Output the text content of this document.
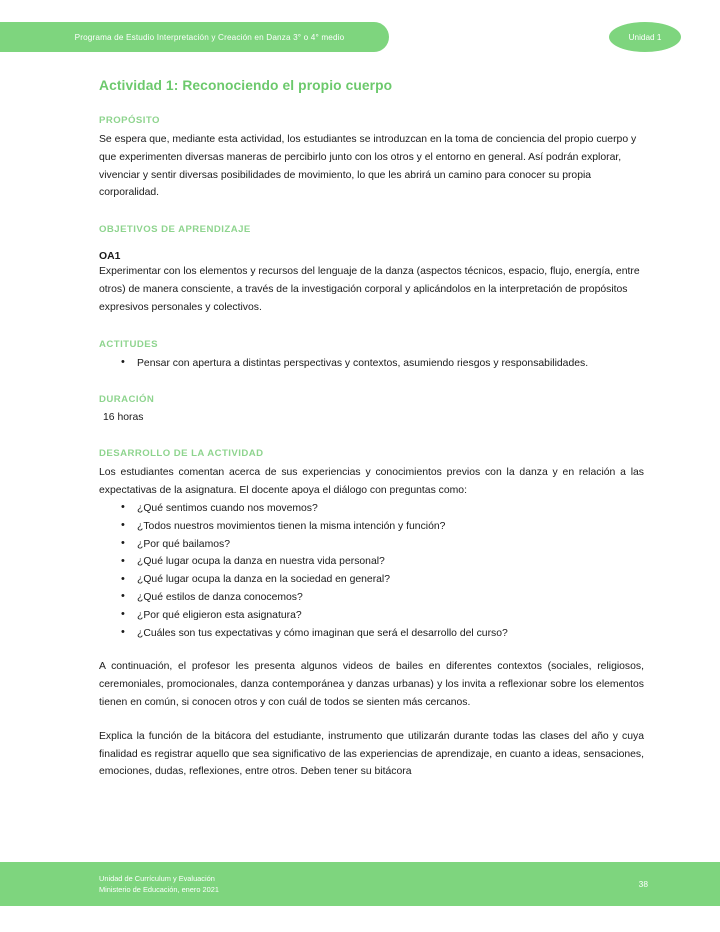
Programa de Estudio Interpretación y Creación en Danza 3° o 4° medio	Unidad 1
Actividad 1: Reconociendo el propio cuerpo
PROPÓSITO

Se espera que, mediante esta actividad, los estudiantes se introduzcan en la toma de conciencia del propio cuerpo y que experimenten diversas maneras de percibirlo junto con los otros y el entorno en general. Así podrán explorar, vivenciar y sentir diversas posibilidades de movimiento, lo que les abrirá un camino para conocer su propia corporalidad.

OBJETIVOS DE APRENDIZAJE
OA1

Experimentar con los elementos y recursos del lenguaje de la danza (aspectos técnicos, espacio, flujo, energía, entre otros) de manera consciente, a través de la investigación corporal y aplicándolos en la interpretación de propósitos expresivos personales y colectivos.

ACTITUDES
• Pensar con apertura a distintas perspectivas y contextos, asumiendo riesgos y responsabilidades.
DURACIÓN

16 horas

DESARROLLO DE LA ACTIVIDAD

Los estudiantes comentan acerca de sus experiencias y conocimientos previos con la danza y en relación a las expectativas de la asignatura. El docente apoya el diálogo con preguntas como:

• ¿Qué sentimos cuando nos movemos?
• ¿Todos nuestros movimientos tienen la misma intención y función?
• ¿Por qué bailamos?
• ¿Qué lugar ocupa la danza en nuestra vida personal?
• ¿Qué lugar ocupa la danza en la sociedad en general?
• ¿Qué estilos de danza conocemos?
• ¿Por qué eligieron esta asignatura?
• ¿Cuáles son tus expectativas y cómo imaginan que será el desarrollo del curso?

A continuación, el profesor les presenta algunos videos de bailes en diferentes contextos (sociales, religiosos, ceremoniales, promocionales, danza contemporánea y danzas urbanas) y los invita a reflexionar sobre los elementos tienen en común, si conocen otros y con cuál de todos se sienten más cercanos.

Explica la función de la bitácora del estudiante, instrumento que utilizarán durante todas las clases del año y cuya finalidad es registrar aquello que sea significativo de las experiencias de aprendizaje, en cuanto a ideas, sensaciones, emociones, dudas, reflexiones, entre otros. Deben tener su bitácora

Unidad de Currículum y Evaluación
Ministerio de Educación, enero 2021
38
